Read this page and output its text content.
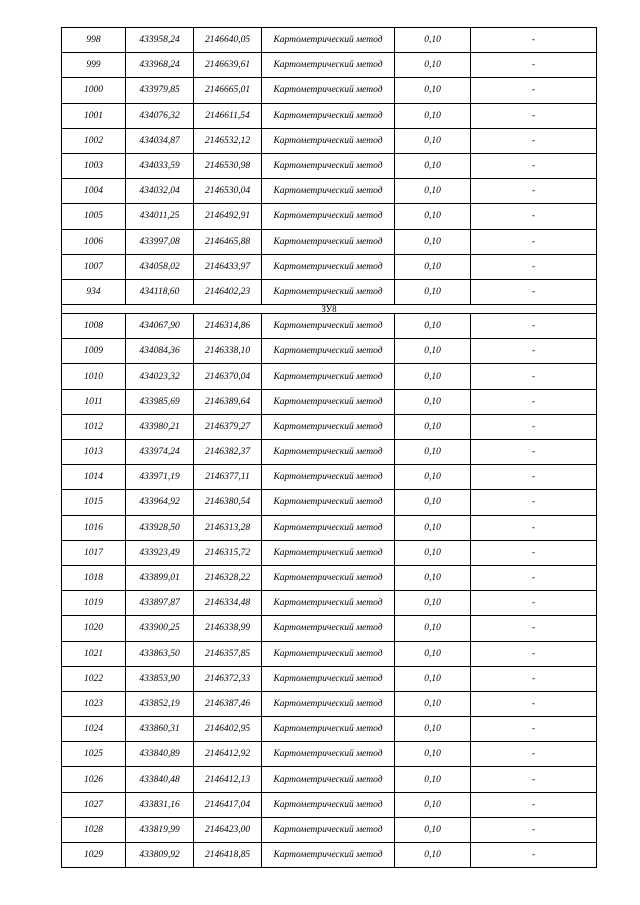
998	433958,24	2146640,05	Картометрический метод	0,10	-
999	433968,24	2146639,61	Картометрический метод	0,10	-
1000	433979,85	2146665,01	Картометрический метод	0,10	-
1001	434076,32	2146611,54	Картометрический метод	0,10	-
1002	434034,87	2146532,12	Картометрический метод	0,10	-
1003	434033,59	2146530,98	Картометрический метод	0,10	-
1004	434032,04	2146530,04	Картометрический метод	0,10	-
1005	434011,25	2146492,91	Картометрический метод	0,10	-
1006	433997,08	2146465,88	Картометрический метод	0,10	-
1007	434058,02	2146433,97	Картометрический метод	0,10	-
934	434118,60	2146402,23	Картометрический метод	0,10	-
ЗУ8					
1008	434067,90	2146314,86	Картометрический метод	0,10	-
1009	434084,36	2146338,10	Картометрический метод	0,10	-
1010	434023,32	2146370,04	Картометрический метод	0,10	-
1011	433985,69	2146389,64	Картометрический метод	0,10	-
1012	433980,21	2146379,27	Картометрический метод	0,10	-
1013	433974,24	2146382,37	Картометрический метод	0,10	-
1014	433971,19	2146377,11	Картометрический метод	0,10	-
1015	433964,92	2146380,54	Картометрический метод	0,10	-
1016	433928,50	2146313,28	Картометрический метод	0,10	-
1017	433923,49	2146315,72	Картометрический метод	0,10	-
1018	433899,01	2146328,22	Картометрический метод	0,10	-
1019	433897,87	2146334,48	Картометрический метод	0,10	-
1020	433900,25	2146338,99	Картометрический метод	0,10	-
1021	433863,50	2146357,85	Картометрический метод	0,10	-
1022	433853,90	2146372,33	Картометрический метод	0,10	-
1023	433852,19	2146387,46	Картометрический метод	0,10	-
1024	433860,31	2146402,95	Картометрический метод	0,10	-
1025	433840,89	2146412,92	Картометрический метод	0,10	-
1026	433840,48	2146412,13	Картометрический метод	0,10	-
1027	433831,16	2146417,04	Картометрический метод	0,10	-
1028	433819,99	2146423,00	Картометрический метод	0,10	-
1029	433809,92	2146418,85	Картометрический метод	0,10	-
